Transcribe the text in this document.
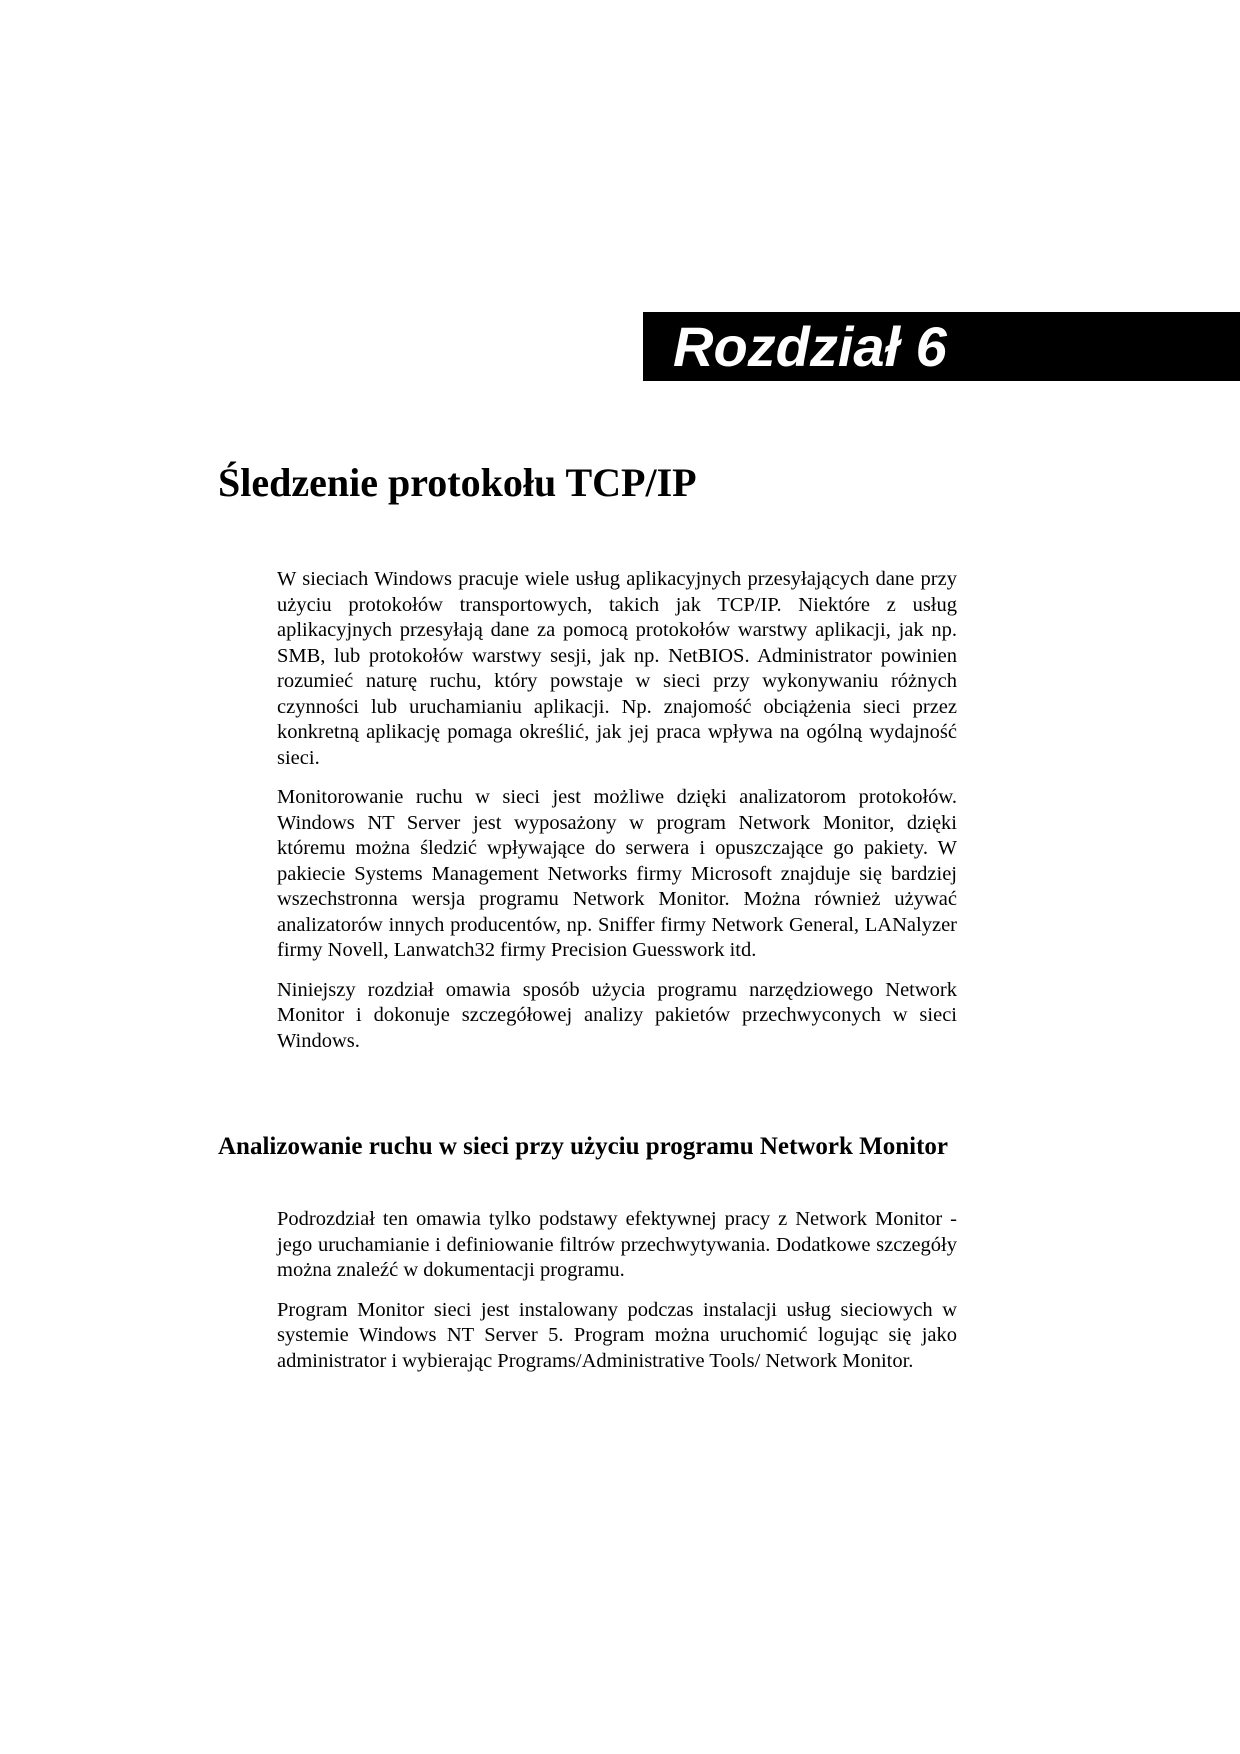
Rozdział 6
Śledzenie protokołu TCP/IP

W sieciach Windows pracuje wiele usług aplikacyjnych przesyłających dane przy użyciu protokołów transportowych, takich jak TCP/IP. Niektóre z usług aplikacyjnych przesyłają dane za pomocą protokołów warstwy aplikacji, jak np. SMB, lub protokołów warstwy sesji, jak np. NetBIOS. Administrator powinien rozumieć naturę ruchu, który powstaje w sieci przy wykonywaniu różnych czynności lub uruchamianiu aplikacji. Np. znajomość obciążenia sieci przez konkretną aplikację pomaga określić, jak jej praca wpływa na ogólną wydajność sieci.

Monitorowanie ruchu w sieci jest możliwe dzięki analizatorom protokołów. Windows NT Server jest wyposażony w program Network Monitor, dzięki któremu można śledzić wpływające do serwera i opuszczające go pakiety. W pakiecie Systems Management Networks firmy Microsoft znajduje się bardziej wszechstronna wersja programu Network Monitor. Można również używać analizatorów innych producentów, np. Sniffer firmy Network General, LANalyzer firmy Novell, Lanwatch32 firmy Precision Guesswork itd.

Niniejszy rozdział omawia sposób użycia programu narzędziowego Network Monitor i dokonuje szczegółowej analizy pakietów przechwyconych w sieci Windows.

Analizowanie ruchu w sieci przy użyciu programu Network Monitor

Podrozdział ten omawia tylko podstawy efektywnej pracy z Network Monitor - jego uruchamianie i definiowanie filtrów przechwytywania. Dodatkowe szczegóły można znaleźć w dokumentacji programu.

Program Monitor sieci jest instalowany podczas instalacji usług sieciowych w systemie Windows NT Server 5. Program można uruchomić logując się jako administrator i wybierając Programs/Administrative Tools/ Network Monitor.
